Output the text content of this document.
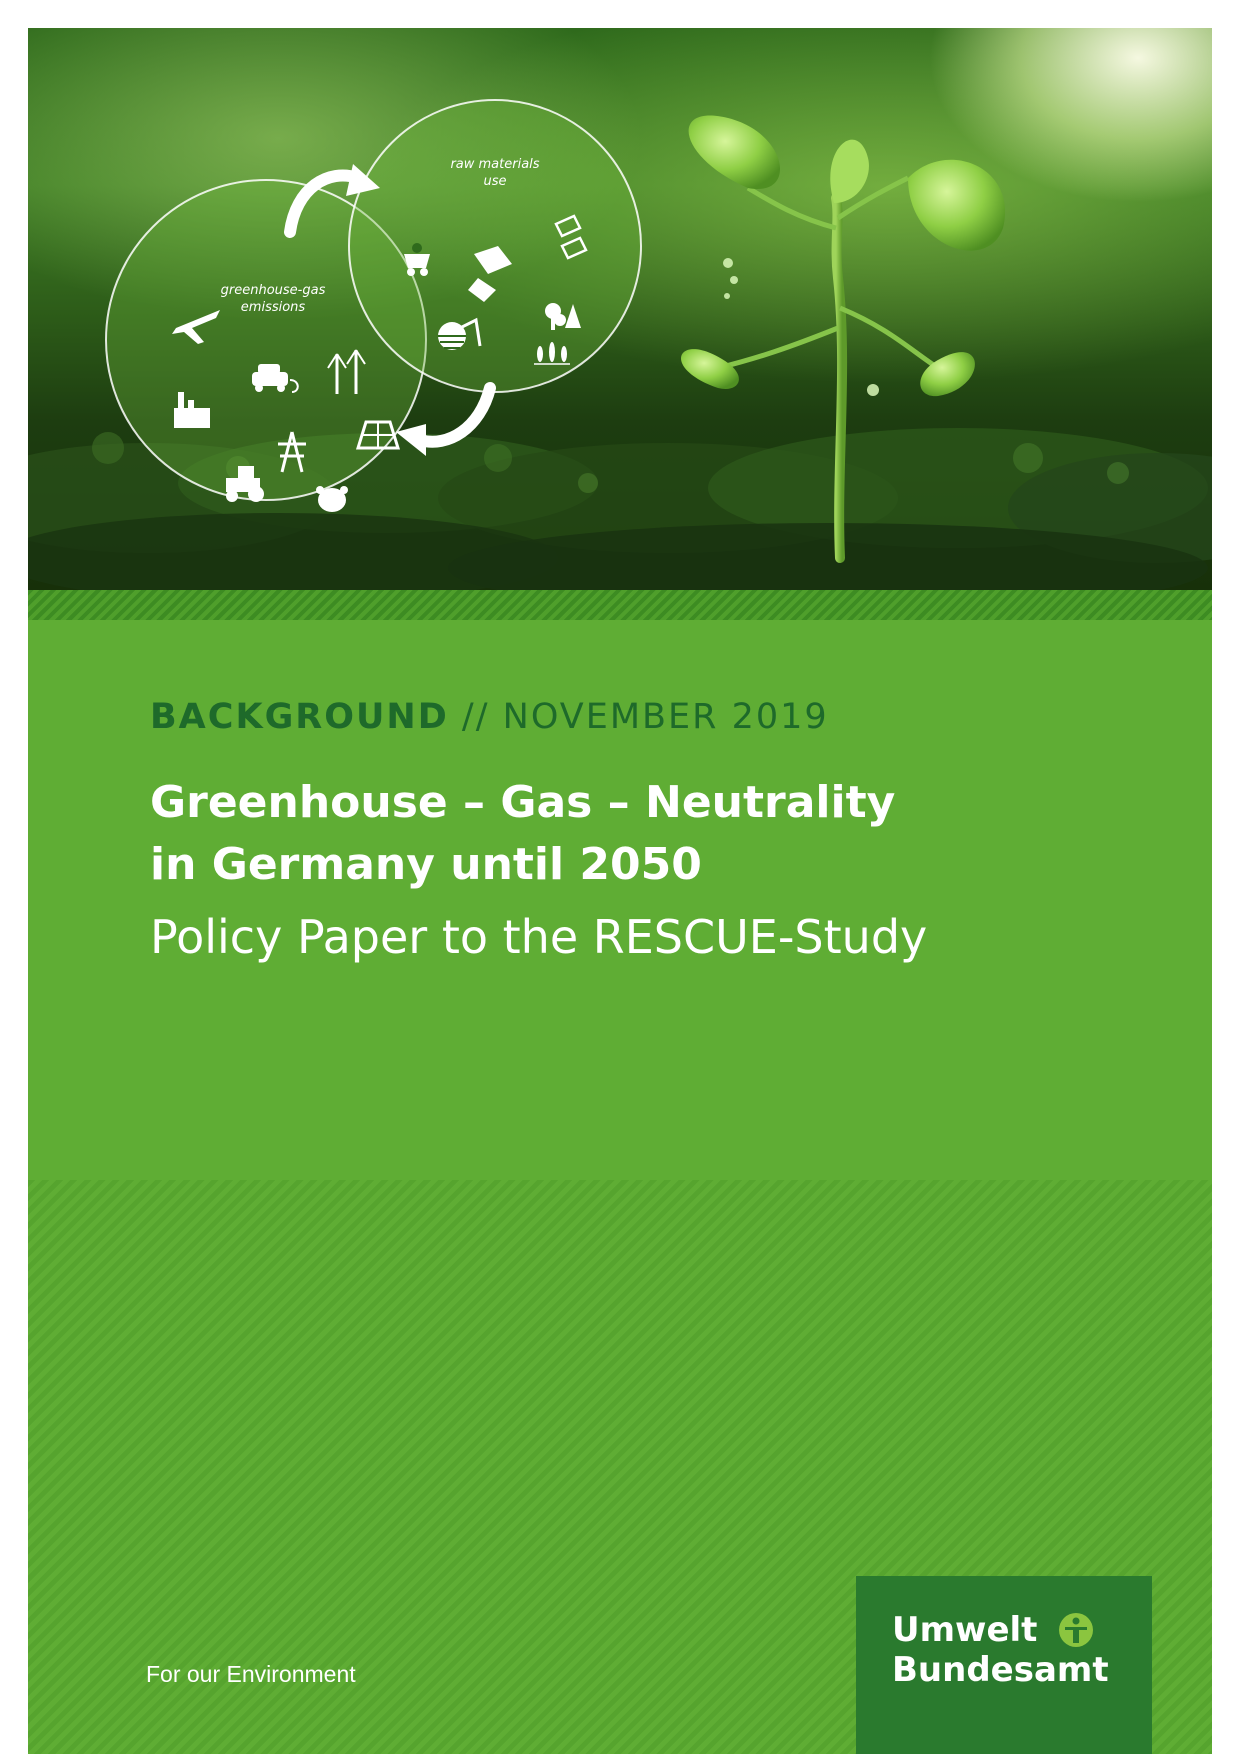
greenhouse-gas
emissions
raw materials
use
BACKGROUND // NOVEMBER 2019
Greenhouse – Gas – Neutrality
in Germany until 2050
Policy Paper to the RESCUE-Study
For our Environment
Umwelt
Bundesamt
